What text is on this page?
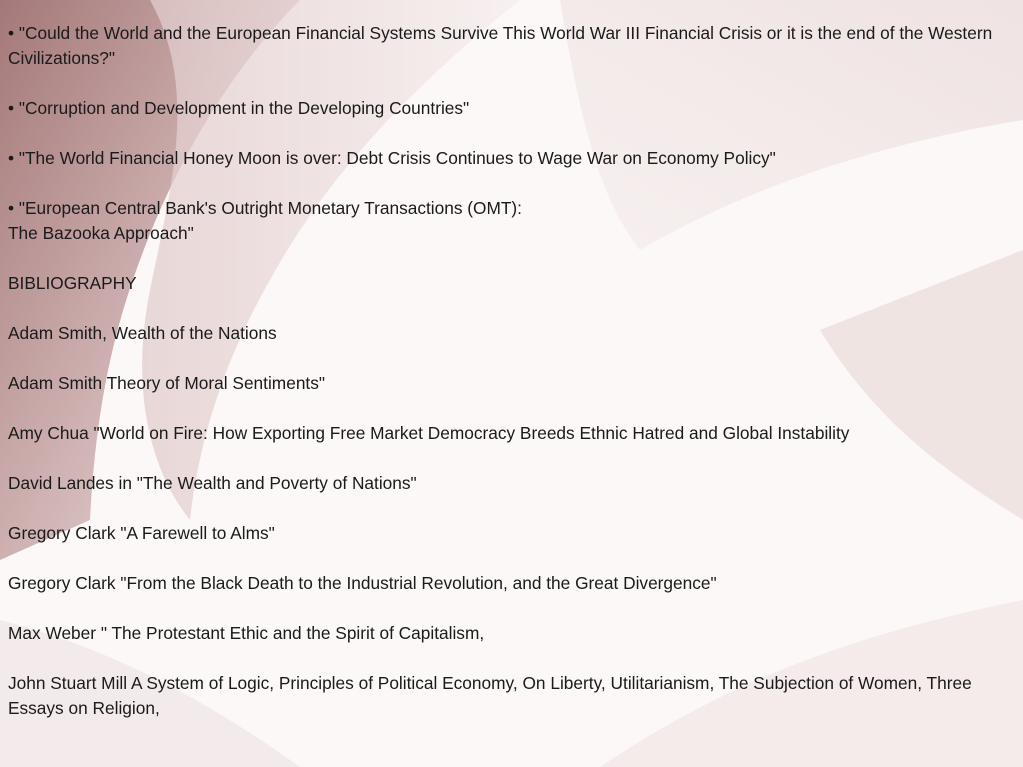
• "Could the World and the European Financial Systems Survive This World War III Financial Crisis or it is the end of the Western Civilizations?"

• "Corruption and Development in the Developing Countries"

• "The World Financial Honey Moon is over: Debt Crisis Continues to Wage War on Economy Policy"

• "European Central Bank's Outright Monetary Transactions (OMT):
The Bazooka Approach"

BIBLIOGRAPHY

Adam Smith, Wealth of the Nations

Adam Smith Theory of Moral Sentiments"

Amy Chua "World on Fire: How Exporting Free Market Democracy Breeds Ethnic Hatred and Global Instability

David Landes in "The Wealth and Poverty of Nations"

Gregory Clark "A Farewell to Alms"

Gregory Clark "From the Black Death to the Industrial Revolution, and the Great Divergence"

Max Weber " The Protestant Ethic and the Spirit of Capitalism,

John Stuart Mill A System of Logic, Principles of Political Economy, On Liberty, Utilitarianism, The Subjection of Women, Three Essays on Religion,
